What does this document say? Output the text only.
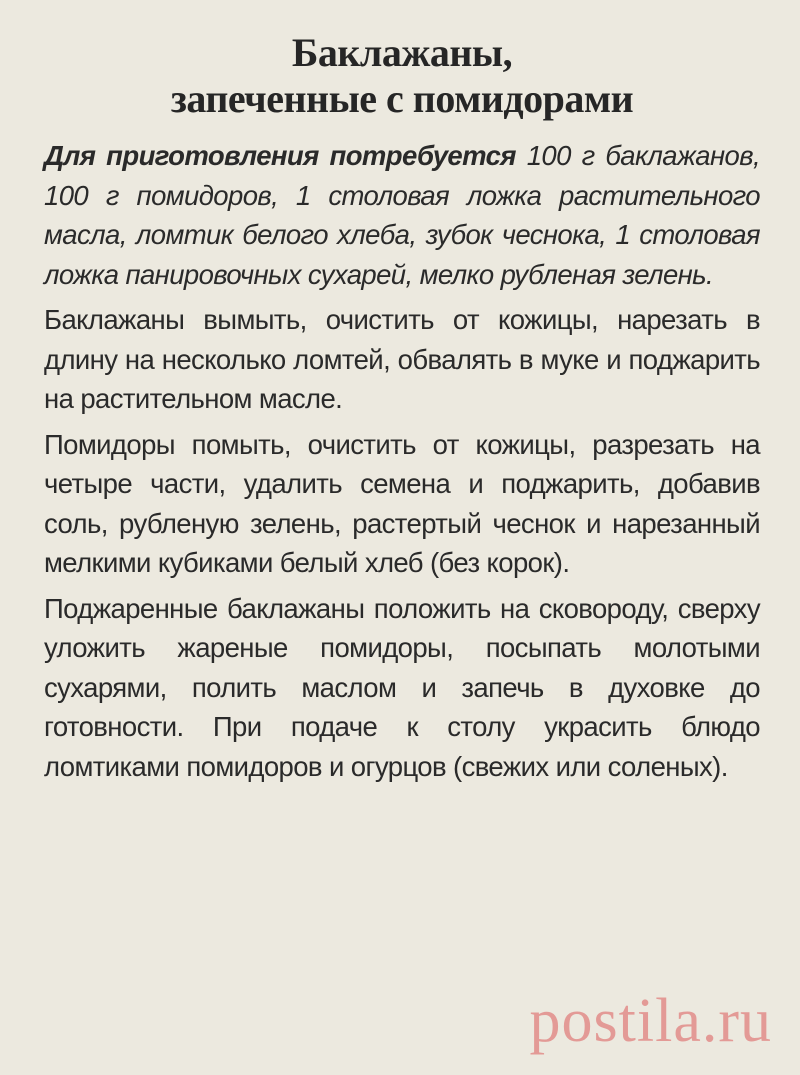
Баклажаны,
запеченные с помидорами

Для приготовления потребуется 100 г баклажанов, 100 г помидоров, 1 столовая ложка растительного масла, ломтик белого хлеба, зубок чеснока, 1 столовая ложка панировочных сухарей, мелко рубленая зелень.

Баклажаны вымыть, очистить от кожицы, нарезать в длину на несколько ломтей, обвалять в муке и поджарить на растительном масле.

Помидоры помыть, очистить от кожицы, разрезать на четыре части, удалить семена и поджарить, добавив соль, рубленую зелень, растертый чеснок и нарезанный мелкими кубиками белый хлеб (без корок).

Поджаренные баклажаны положить на сковороду, сверху уложить жареные помидоры, посыпать молотыми сухарями, полить маслом и запечь в духовке до готовности. При подаче к столу украсить блюдо ломтиками помидоров и огурцов (свежих или соленых).

postila.ru
